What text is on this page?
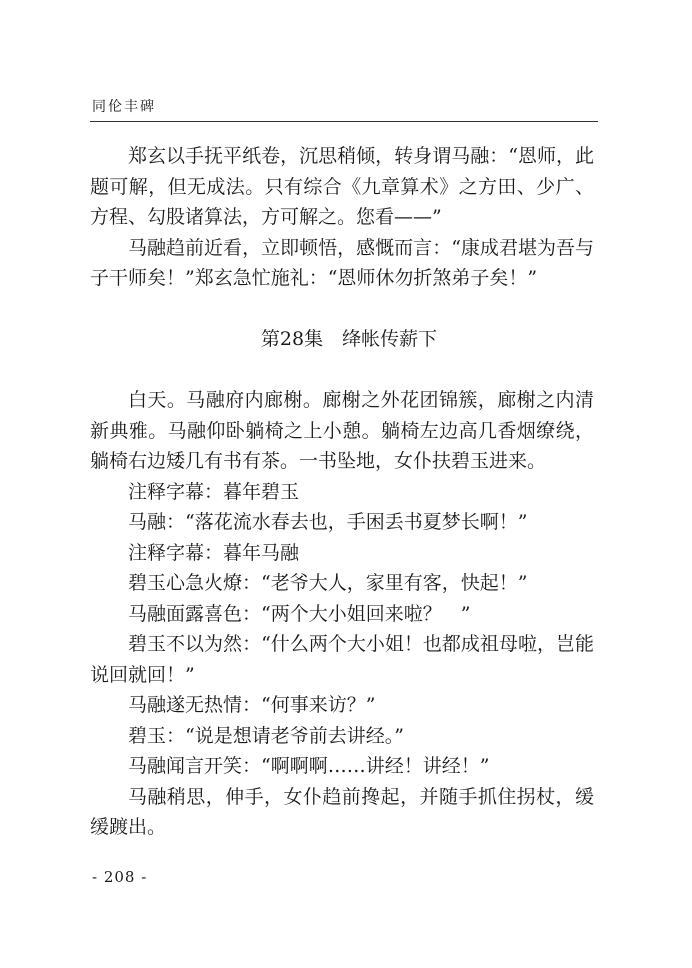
同伦丰碑

郑玄以手抚平纸卷，沉思稍倾，转身谓马融：“恩师，此题可解，但无成法。只有综合《九章算术》之方田、少广、方程、勾股诸算法，方可解之。您看——”

马融趋前近看，立即顿悟，感慨而言：“康成君堪为吾与子干师矣！”郑玄急忙施礼：“恩师休勿折煞弟子矣！”

第28集　绛帐传薪下

白天。马融府内廊榭。廊榭之外花团锦簇，廊榭之内清新典雅。马融仰卧躺椅之上小憩。躺椅左边高几香烟缭绕，躺椅右边矮几有书有茶。一书坠地，女仆扶碧玉进来。

注释字幕：暮年碧玉

马融：“落花流水春去也，手困丢书夏梦长啊！”

注释字幕：暮年马融

碧玉心急火燎：“老爷大人，家里有客，快起！”

马融面露喜色：“两个大小姐回来啦？　”

碧玉不以为然：“什么两个大小姐！也都成祖母啦，岂能说回就回！”

马融遂无热情：“何事来访？”

碧玉：“说是想请老爷前去讲经。”

马融闻言开笑：“啊啊啊……讲经！讲经！”

马融稍思，伸手，女仆趋前搀起，并随手抓住拐杖，缓缓踱出。

- 208 -
